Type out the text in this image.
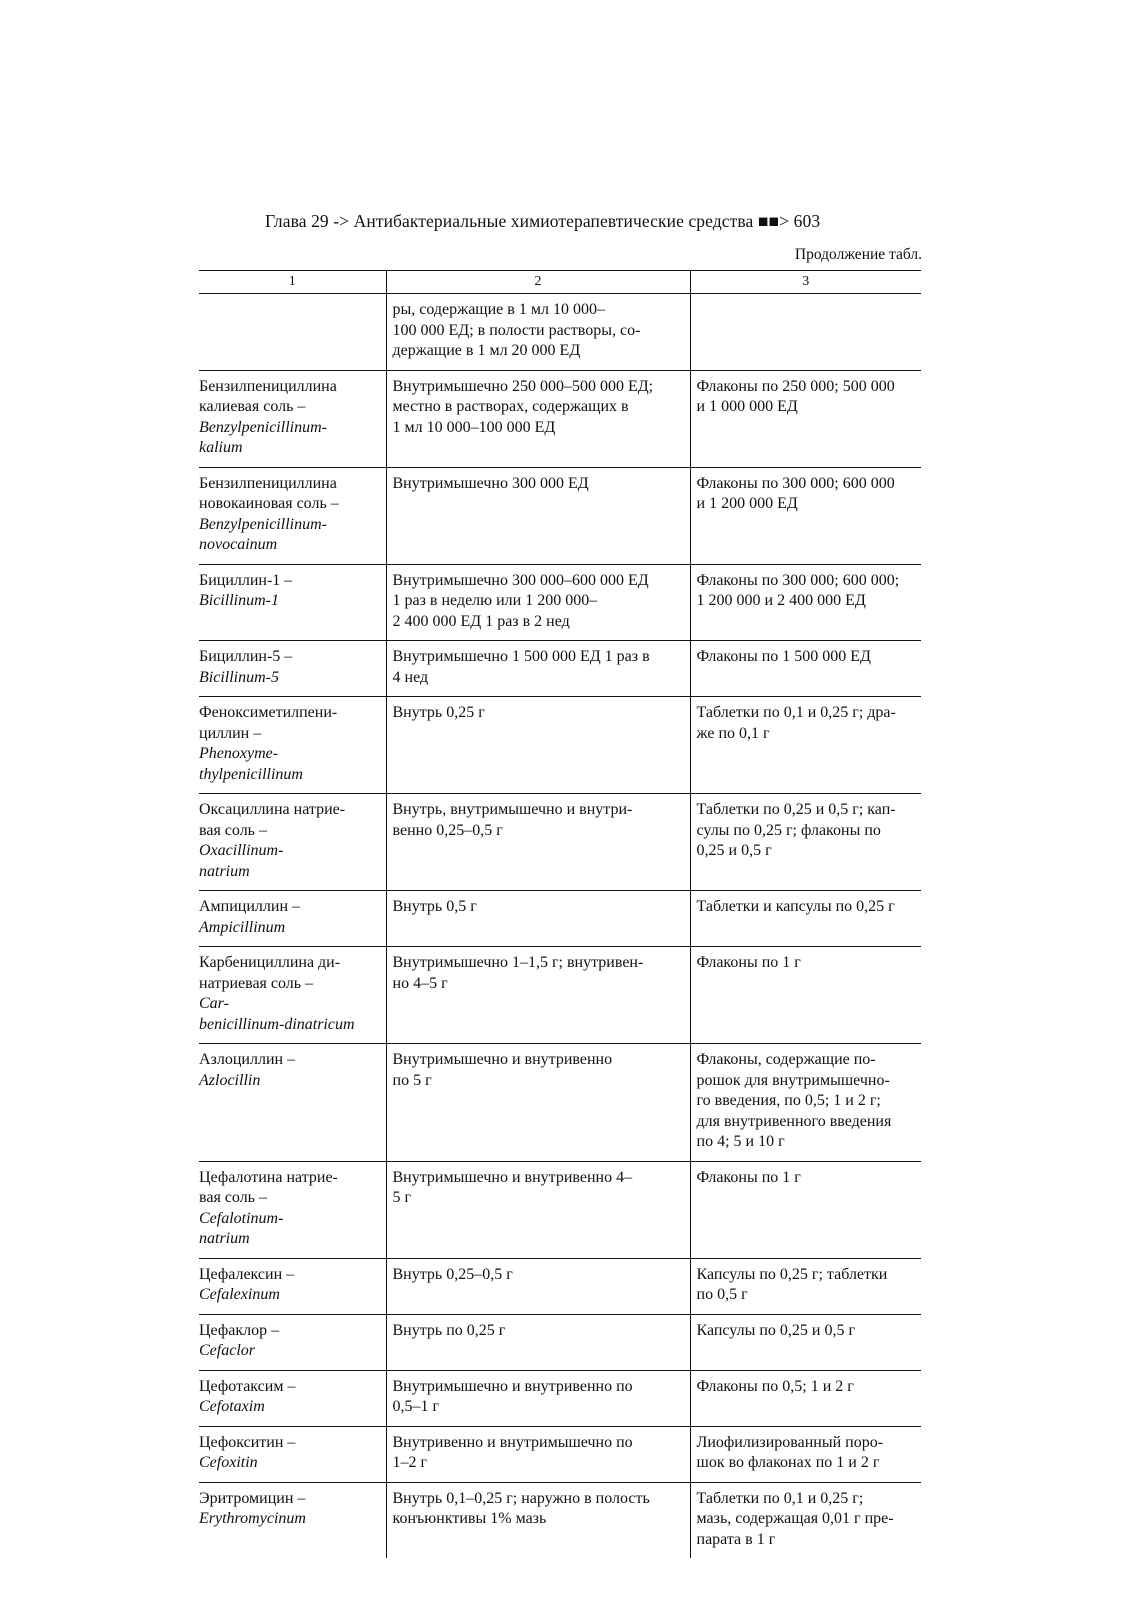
Глава 29 -> Антибактериальные химиотерапевтические средства ■■> 603
Продолжение табл.
1	2	3

	ры, содержащие в 1 мл 10 000–
100 000 ЕД; в полости растворы, со-
держащие в 1 мл 20 000 ЕД	

Бензилпенициллина
калиевая соль –
Benzylpenicillinum-
kalium	Внутримышечно 250 000–500 000 ЕД;
местно в растворах, содержащих в
1 мл 10 000–100 000 ЕД	Флаконы по 250 000; 500 000
и 1 000 000 ЕД

Бензилпенициллина
новокаиновая соль –
Benzylpenicillinum-
novocainum	Внутримышечно 300 000 ЕД	Флаконы по 300 000; 600 000
и 1 200 000 ЕД

Бициллин-1 –
Bicillinum-1	Внутримышечно 300 000–600 000 ЕД
1 раз в неделю или 1 200 000–
2 400 000 ЕД 1 раз в 2 нед	Флаконы по 300 000; 600 000;
1 200 000 и 2 400 000 ЕД

Бициллин-5 –
Bicillinum-5	Внутримышечно 1 500 000 ЕД 1 раз в
4 нед	Флаконы по 1 500 000 ЕД

Феноксиметилпени-
циллин –
Phenoxyme-
thylpenicillinum	Внутрь 0,25 г	Таблетки по 0,1 и 0,25 г; дра-
же по 0,1 г

Оксациллина натрие-
вая соль –
Oxacillinum-
natrium	Внутрь, внутримышечно и внутри-
венно 0,25–0,5 г	Таблетки по 0,25 и 0,5 г; кап-
сулы по 0,25 г; флаконы по
0,25 и 0,5 г

Ампициллин –
Ampicillinum	Внутрь 0,5 г	Таблетки и капсулы по 0,25 г

Карбенициллина ди-
натриевая соль –
Car-
benicillinum-dinatricum	Внутримышечно 1–1,5 г; внутривен-
но 4–5 г	Флаконы по 1 г

Азлоциллин –
Azlocillin	Внутримышечно и внутривенно
по 5 г	Флаконы, содержащие по-
рошок для внутримышечно-
го введения, по 0,5; 1 и 2 г;
для внутривенного введения
по 4; 5 и 10 г

Цефалотина натрие-
вая соль –
Cefalotinum-
natrium	Внутримышечно и внутривенно 4–
5 г	Флаконы по 1 г

Цефалексин –
Cefalexinum	Внутрь 0,25–0,5 г	Капсулы по 0,25 г; таблетки
по 0,5 г

Цефаклор –
Cefaclor	Внутрь по 0,25 г	Капсулы по 0,25 и 0,5 г

Цефотаксим –
Cefotaxim	Внутримышечно и внутривенно по
0,5–1 г	Флаконы по 0,5; 1 и 2 г

Цефокситин –
Cefoxitin	Внутривенно и внутримышечно по
1–2 г	Лиофилизированный поро-
шок во флаконах по 1 и 2 г

Эритромицин –
Erythromycinum	Внутрь 0,1–0,25 г; наружно в полость
конъюнктивы 1% мазь	Таблетки по 0,1 и 0,25 г;
мазь, содержащая 0,01 г пре-
парата в 1 г
